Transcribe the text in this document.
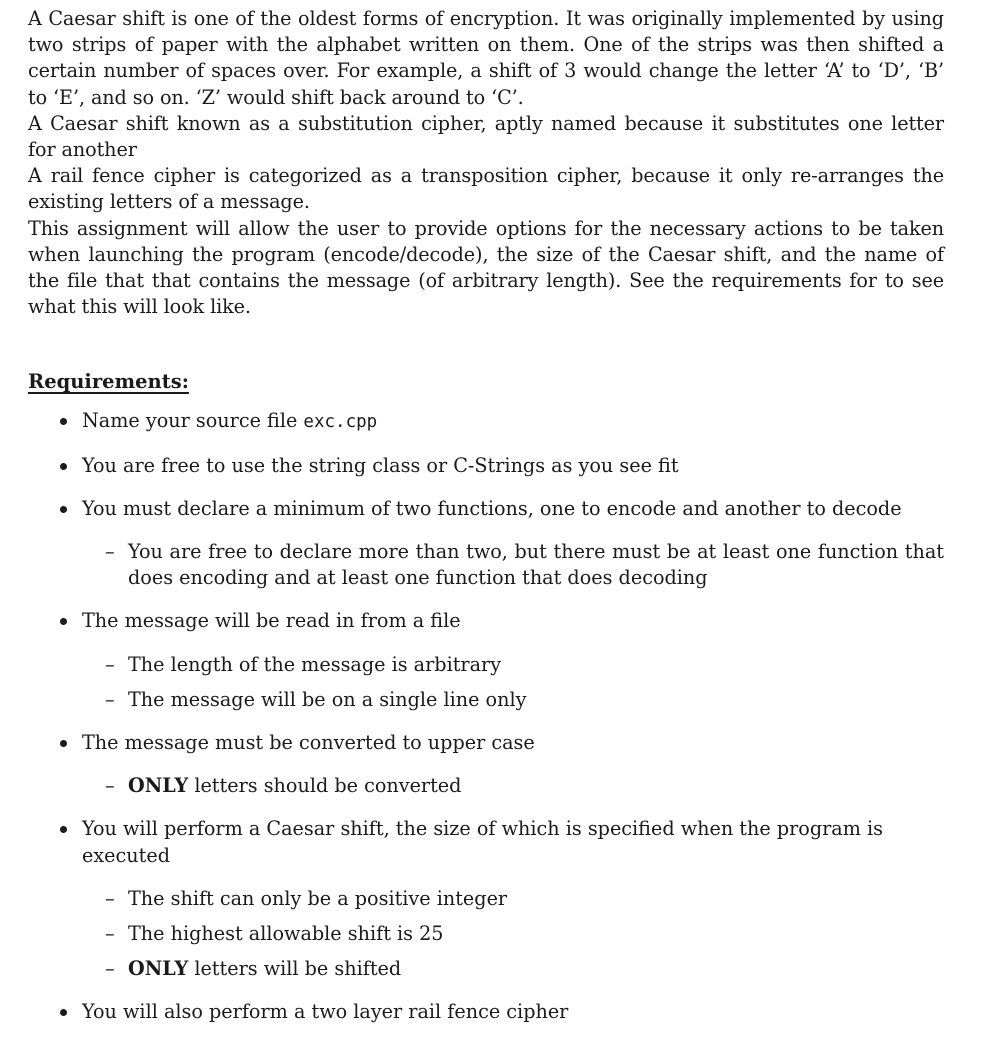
A Caesar shift is one of the oldest forms of encryption. It was originally implemented by using two strips of paper with the alphabet written on them. One of the strips was then shifted a certain number of spaces over. For example, a shift of 3 would change the letter ‘A’ to ‘D’, ‘B’ to ‘E’, and so on. ‘Z’ would shift back around to ‘C’.

A Caesar shift known as a substitution cipher, aptly named because it substitutes one letter for another

A rail fence cipher is categorized as a transposition cipher, because it only re-arranges the existing letters of a message.

This assignment will allow the user to provide options for the necessary actions to be taken when launching the program (encode/decode), the size of the Caesar shift, and the name of the file that that contains the message (of arbitrary length). See the requirements for to see what this will look like.

Requirements:
Name your source file exc.cpp
You are free to use the string class or C-Strings as you see fit
You must declare a minimum of two functions, one to encode and another to decode
– You are free to declare more than two, but there must be at least one function that does encoding and at least one function that does decoding
The message will be read in from a file
– The length of the message is arbitrary
– The message will be on a single line only
The message must be converted to upper case
– ONLY letters should be converted
You will perform a Caesar shift, the size of which is specified when the program is executed
– The shift can only be a positive integer
– The highest allowable shift is 25
– ONLY letters will be shifted
You will also perform a two layer rail fence cipher
